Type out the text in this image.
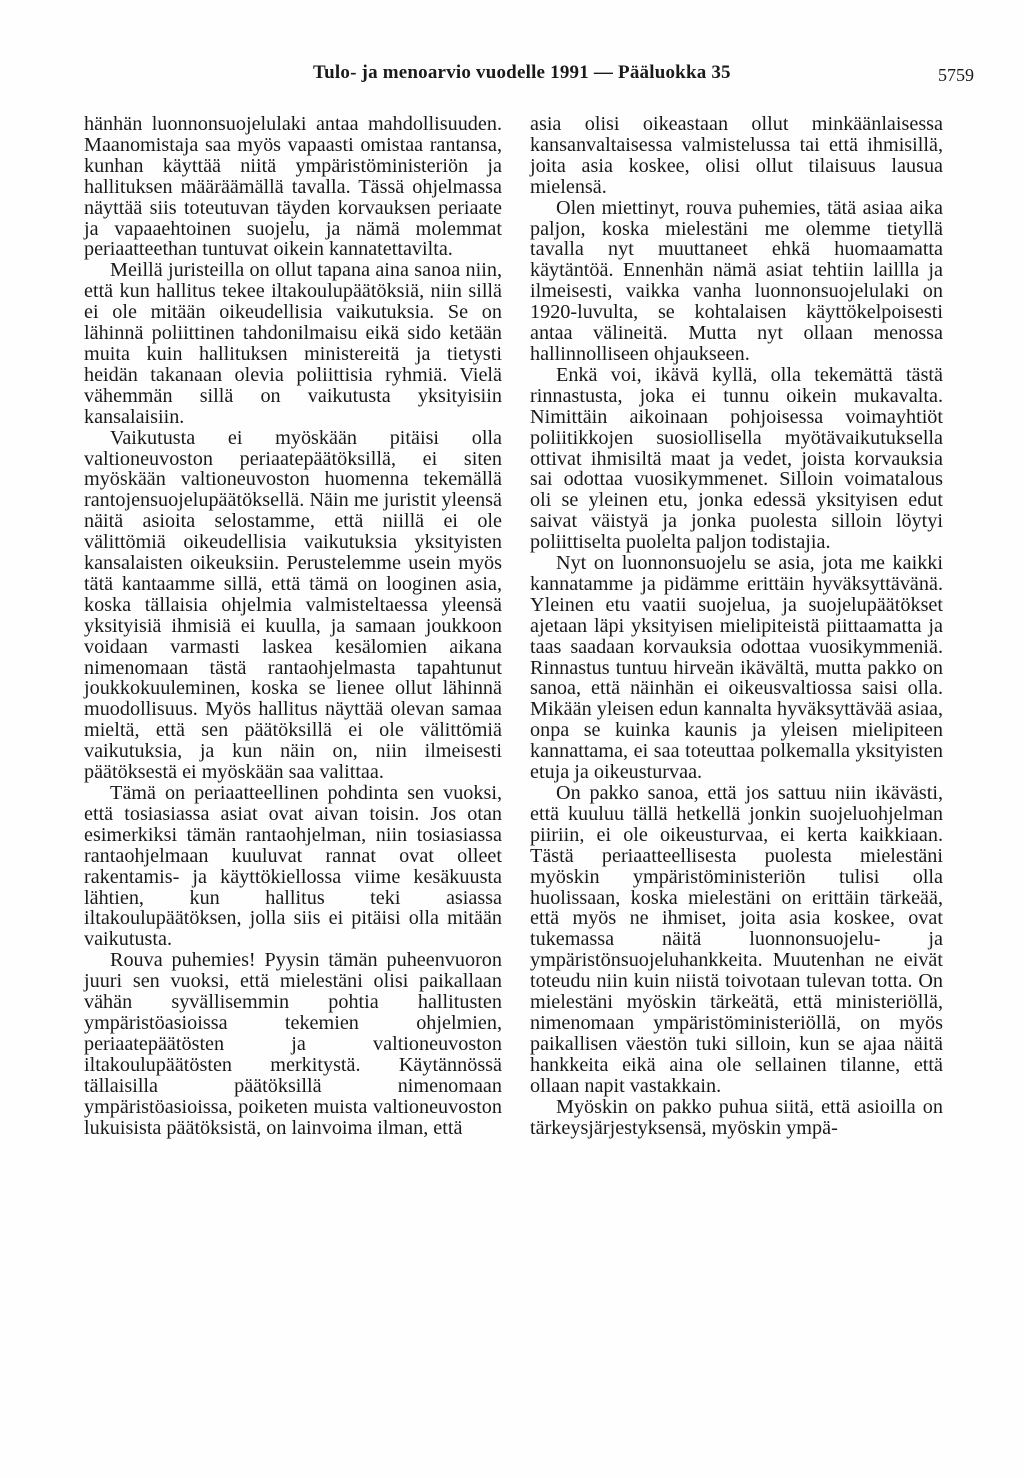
Tulo- ja menoarvio vuodelle 1991 — Pääluokka 35	5759

hänhän luonnonsuojelulaki antaa mahdollisuuden. Maanomistaja saa myös vapaasti omistaa rantansa, kunhan käyttää niitä ympäristöministeriön ja hallituksen määräämällä tavalla. Tässä ohjelmassa näyttää siis toteutuvan täyden korvauksen periaate ja vapaaehtoinen suojelu, ja nämä molemmat periaatteethan tuntuvat oikein kannatettavilta.

Meillä juristeilla on ollut tapana aina sanoa niin, että kun hallitus tekee iltakoulupäätöksiä, niin sillä ei ole mitään oikeudellisia vaikutuksia. Se on lähinnä poliittinen tahdonilmaisu eikä sido ketään muita kuin hallituksen ministereitä ja tietysti heidän takanaan olevia poliittisia ryhmiä. Vielä vähemmän sillä on vaikutusta yksityisiin kansalaisiin.

Vaikutusta ei myöskään pitäisi olla valtioneuvoston periaatepäätöksillä, ei siten myöskään valtioneuvoston huomenna tekemällä rantojensuojelupäätöksellä. Näin me juristit yleensä näitä asioita selostamme, että niillä ei ole välittömiä oikeudellisia vaikutuksia yksityisten kansalaisten oikeuksiin. Perustelemme usein myös tätä kantaamme sillä, että tämä on looginen asia, koska tällaisia ohjelmia valmisteltaessa yleensä yksityisiä ihmisiä ei kuulla, ja samaan joukkoon voidaan varmasti laskea kesälomien aikana nimenomaan tästä rantaohjelmasta tapahtunut joukkokuuleminen, koska se lienee ollut lähinnä muodollisuus. Myös hallitus näyttää olevan samaa mieltä, että sen päätöksillä ei ole välittömiä vaikutuksia, ja kun näin on, niin ilmeisesti päätöksestä ei myöskään saa valittaa.

Tämä on periaatteellinen pohdinta sen vuoksi, että tosiasiassa asiat ovat aivan toisin. Jos otan esimerkiksi tämän rantaohjelman, niin tosiasiassa rantaohjelmaan kuuluvat rannat ovat olleet rakentamis- ja käyttökiellossa viime kesäkuusta lähtien, kun hallitus teki asiassa iltakoulupäätöksen, jolla siis ei pitäisi olla mitään vaikutusta.

Rouva puhemies! Pyysin tämän puheenvuoron juuri sen vuoksi, että mielestäni olisi paikallaan vähän syvällisemmin pohtia hallitusten ympäristöasioissa tekemien ohjelmien, periaatepäätösten ja valtioneuvoston iltakoulupäätösten merkitystä. Käytännössä tällaisilla päätöksillä nimenomaan ympäristöasioissa, poiketen muista valtioneuvoston lukuisista päätöksistä, on lainvoima ilman, että

asia olisi oikeastaan ollut minkäänlaisessa kansanvaltaisessa valmistelussa tai että ihmisillä, joita asia koskee, olisi ollut tilaisuus lausua mielensä.

Olen miettinyt, rouva puhemies, tätä asiaa aika paljon, koska mielestäni me olemme tietyllä tavalla nyt muuttaneet ehkä huomaamatta käytäntöä. Ennenhän nämä asiat tehtiin laillla ja ilmeisesti, vaikka vanha luonnonsuojelulaki on 1920-luvulta, se kohtalaisen käyttökelpoisesti antaa välineitä. Mutta nyt ollaan menossa hallinnolliseen ohjaukseen.

Enkä voi, ikävä kyllä, olla tekemättä tästä rinnastusta, joka ei tunnu oikein mukavalta. Nimittäin aikoinaan pohjoisessa voimayhtiöt poliitikkojen suosiollisella myötävaikutuksella ottivat ihmisiltä maat ja vedet, joista korvauksia sai odottaa vuosikymmenet. Silloin voimatalous oli se yleinen etu, jonka edessä yksityisen edut saivat väistyä ja jonka puolesta silloin löytyi poliittiselta puolelta paljon todistajia.

Nyt on luonnonsuojelu se asia, jota me kaikki kannatamme ja pidämme erittäin hyväksyttävänä. Yleinen etu vaatii suojelua, ja suojelupäätökset ajetaan läpi yksityisen mielipiteistä piittaamatta ja taas saadaan korvauksia odottaa vuosikymmeniä. Rinnastus tuntuu hirveän ikävältä, mutta pakko on sanoa, että näinhän ei oikeusvaltiossa saisi olla. Mikään yleisen edun kannalta hyväksyttävää asiaa, onpa se kuinka kaunis ja yleisen mielipiteen kannattama, ei saa toteuttaa polkemalla yksityisten etuja ja oikeusturvaa.

On pakko sanoa, että jos sattuu niin ikävästi, että kuuluu tällä hetkellä jonkin suojeluohjelman piiriin, ei ole oikeusturvaa, ei kerta kaikkiaan. Tästä periaatteellisesta puolesta mielestäni myöskin ympäristöministeriön tulisi olla huolissaan, koska mielestäni on erittäin tärkeää, että myös ne ihmiset, joita asia koskee, ovat tukemassa näitä luonnonsuojelu- ja ympäristönsuojeluhankkeita. Muutenhan ne eivät toteudu niin kuin niistä toivotaan tulevan totta. On mielestäni myöskin tärkeätä, että ministeriöllä, nimenomaan ympäristöministeriöllä, on myös paikallisen väestön tuki silloin, kun se ajaa näitä hankkeita eikä aina ole sellainen tilanne, että ollaan napit vastakkain.

Myöskin on pakko puhua siitä, että asioilla on tärkeysjärjestyksensä, myöskin ympä-
